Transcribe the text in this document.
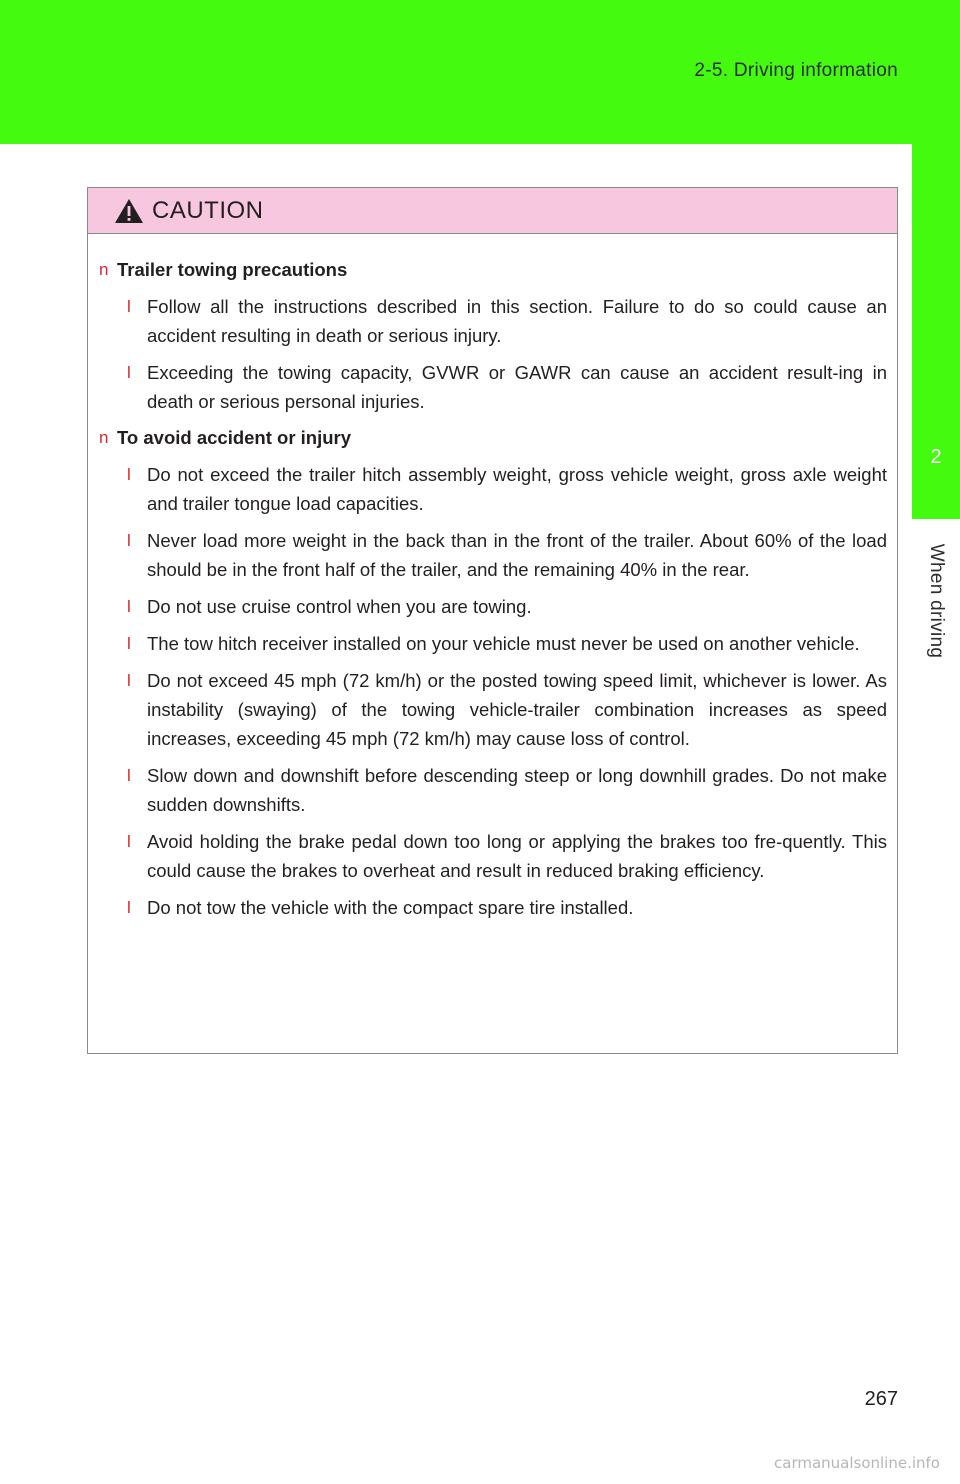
2-5. Driving information
2
When driving
CAUTION
n Trailer towing precautions
l Follow all the instructions described in this section. Failure to do so could cause an accident resulting in death or serious injury.
l Exceeding the towing capacity, GVWR or GAWR can cause an accident result-ing in death or serious personal injuries.
n To avoid accident or injury
l Do not exceed the trailer hitch assembly weight, gross vehicle weight, gross axle weight and trailer tongue load capacities.
l Never load more weight in the back than in the front of the trailer. About 60% of the load should be in the front half of the trailer, and the remaining 40% in the rear.
l Do not use cruise control when you are towing.
l The tow hitch receiver installed on your vehicle must never be used on another vehicle.
l Do not exceed 45 mph (72 km/h) or the posted towing speed limit, whichever is lower. As instability (swaying) of the towing vehicle-trailer combination increases as speed increases, exceeding 45 mph (72 km/h) may cause loss of control.
l Slow down and downshift before descending steep or long downhill grades. Do not make sudden downshifts.
l Avoid holding the brake pedal down too long or applying the brakes too fre-quently. This could cause the brakes to overheat and result in reduced braking efficiency.
l Do not tow the vehicle with the compact spare tire installed.
267
carmanualsonline.info
